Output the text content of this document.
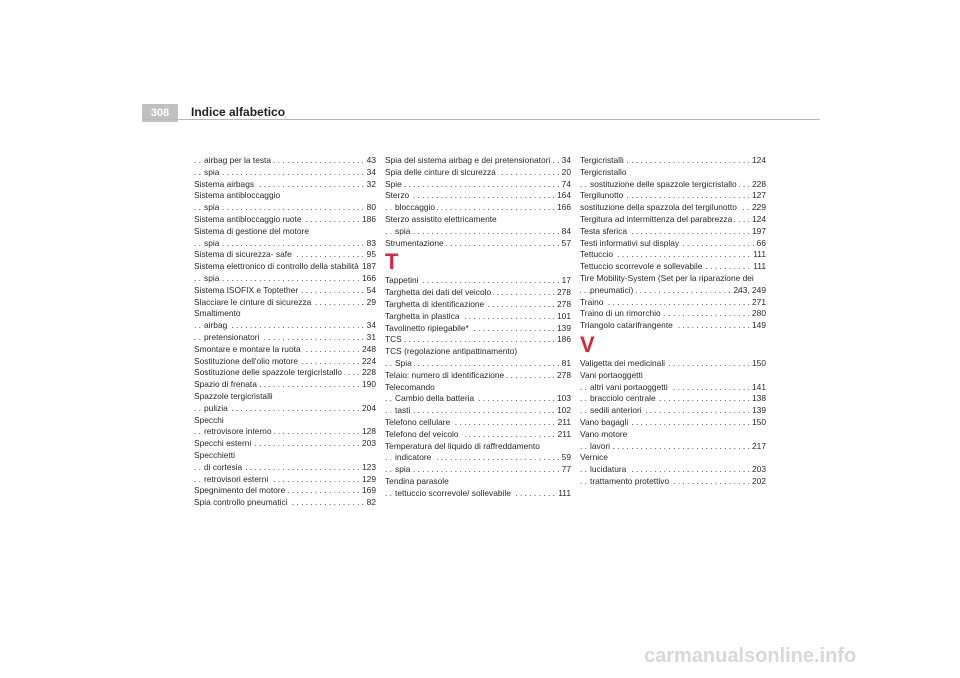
308	Indice alfabetico
. . . airbag per la testa	43
. . . spia	34
. . . Sistema airbags	32
Sistema antibloccaggio
. . . spia	80
. . . Sistema antibloccaggio ruote	186
Sistema di gestione del motore
. . . spia	83
. . . Sistema di sicurezza- safe	95
. . . Sistema elettronico di controllo della stabilità 187
. . . spia	166
. . . Sistema ISOFIX e Toptether	54
. . . Slacciare le cinture di sicurezza	29
Smaltimento
. . . airbag	34
. . . pretensionatori	31
. . . Smontare e montare la ruota	248
. . . Sostituzione dell'olio motore	224
. . . Sostituzione delle spazzole tergicristallo 228
. . . Spazio di frenata	190
Spazzole tergicristalli
. . . pulizia	204
Specchi
. . . retrovisore interno	128
. . . Specchi esterni	203
Specchietti
. . . di cortesia	123
. . . retrovisori esterni	129
. . . Spegnimento del motore	169
. . . Spia controllo pneumatici	82
. . . Spia del sistema airbag e dei pretensionatori 34
. . . Spia delle cinture di sicurezza	20
. . . Spie	74
. . . Sterzo	164
. . . bloccaggio	166
Sterzo assistito elettricamente
. . . spia	84
. . . Strumentazione	57
T
. . . Tappetini	17
. . . Targhetta dei dati del veicolo	278
. . . Targhetta di identificazione	278
. . . Targhetta in plastica	101
. . . Tavolinetto ripiegabile*	139
. . . TCS	186
TCS (regolazione antipattinamento)
. . . Spia	81
. . . Telaio: numero di identificazione	278
Telecomando
. . . Cambio della batteria	103
. . . tasti	102
. . . Telefono cellulare	211
. . . Telefono del veicolo	211
Temperatura del liquido di raffreddamento
. . . indicatore	59
. . . spia	77
Tendina parasole
. . . tettuccio scorrevole/ sollevabile	111
. . . Tergicristalli	124
Tergicristallo
. . . sostituzione delle spazzole tergicristallo 228
. . . Tergilunotto	127
. . . sostituzione della spazzola del tergilunotto 229
. . . Tergitura ad intermittenza del parabrezza 124
. . . Testa sferica	197
. . . Testi informativi sul display	66
. . . Tettuccio	111
. . . Tettuccio scorrevole e sollevabile	111
. . . Tire Mobility-System (Set per la riparazione dei pneumatici)	243, 249
. . . Traino	271
. . . Traino di un rimorchio	280
. . . Triangolo catarifrangente	149
V
. . . Valigetta dei medicinali	150
Vani portaoggetti
. . . altri vani portaoggetti	141
. . . bracciolo centrale	138
. . . sedili anteriori	139
. . . Vano bagagli	150
Vano motore
. . . lavori	217
Vernice
. . . lucidatura	203
. . . trattamento protettivo	202
carmanualsonline.info
